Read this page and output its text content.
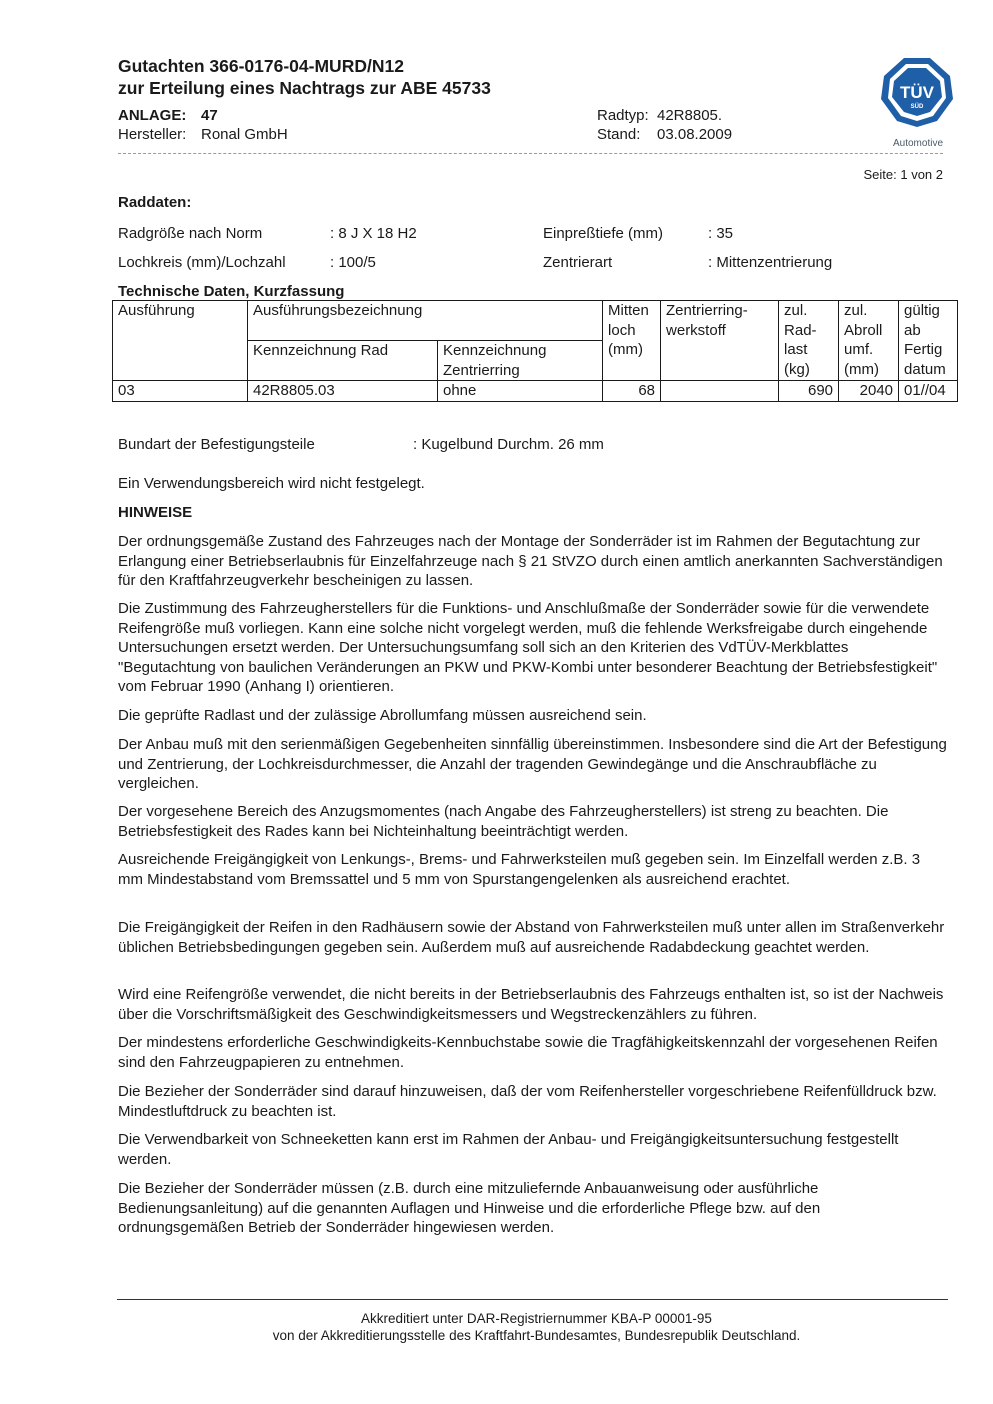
Gutachten 366-0176-04-MURD/N12
zur Erteilung eines Nachtrags zur ABE 45733
ANLAGE: 47
Hersteller: Ronal GmbH
Radtyp: 42R8805.
Stand: 03.08.2009
TÜV
SÜD
Automotive
Seite: 1 von 2
Raddaten:
Radgröße nach Norm	: 8 J X 18 H2	Einpreßtiefe (mm)	: 35
Lochkreis (mm)/Lochzahl	: 100/5	Zentrierart	: Mittenzentrierung
Technische Daten, Kurzfassung
Ausführung	Ausführungsbezeichnung		Mitten loch (mm)	Zentrierring- werkstoff	zul. Rad- last (kg)	zul. Abroll umf. (mm)	gültig ab Fertig datum
	Kennzeichnung Rad	Kennzeichnung Zentrierring					
03	42R8805.03	ohne	68		690	2040	01//04
Bundart der Befestigungsteile	: Kugelbund Durchm. 26 mm
Ein Verwendungsbereich wird nicht festgelegt.
HINWEISE

Der ordnungsgemäße Zustand des Fahrzeuges nach der Montage der Sonderräder ist im Rahmen der Begutachtung zur Erlangung einer Betriebserlaubnis für Einzelfahrzeuge nach § 21 StVZO durch einen amtlich anerkannten Sachverständigen für den Kraftfahrzeugverkehr bescheinigen zu lassen.

Die Zustimmung des Fahrzeugherstellers für die Funktions- und Anschlußmaße der Sonderräder sowie für die verwendete Reifengröße muß vorliegen. Kann eine solche nicht vorgelegt werden, muß die fehlende Werksfreigabe durch eingehende Untersuchungen ersetzt werden. Der Untersuchungsumfang soll sich an den Kriterien des VdTÜV-Merkblattes "Begutachtung von baulichen Veränderungen an PKW und PKW-Kombi unter besonderer Beachtung der Betriebsfestigkeit" vom Februar 1990 (Anhang I) orientieren.

Die geprüfte Radlast und der zulässige Abrollumfang müssen ausreichend sein.

Der Anbau muß mit den serienmäßigen Gegebenheiten sinnfällig übereinstimmen. Insbesondere sind die Art der Befestigung und Zentrierung, der Lochkreisdurchmesser, die Anzahl der tragenden Gewindegänge und die Anschraubfläche zu vergleichen.

Der vorgesehene Bereich des Anzugsmomentes (nach Angabe des Fahrzeugherstellers) ist streng zu beachten. Die Betriebsfestigkeit des Rades kann bei Nichteinhaltung beeinträchtigt werden.

Ausreichende Freigängigkeit von Lenkungs-, Brems- und Fahrwerksteilen muß gegeben sein. Im Einzelfall werden z.B. 3 mm Mindestabstand vom Bremssattel und 5 mm von Spurstangengelenken als ausreichend erachtet.

Die Freigängigkeit der Reifen in den Radhäusern sowie der Abstand von Fahrwerksteilen muß unter allen im Straßenverkehr üblichen Betriebsbedingungen gegeben sein. Außerdem muß auf ausreichende Radabdeckung geachtet werden.

Wird eine Reifengröße verwendet, die nicht bereits in der Betriebserlaubnis des Fahrzeugs enthalten ist, so ist der Nachweis über die Vorschriftsmäßigkeit des Geschwindigkeitsmessers und Wegstreckenzählers zu führen.

Der mindestens erforderliche Geschwindigkeits-Kennbuchstabe sowie die Tragfähigkeitskennzahl der vorgesehenen Reifen sind den Fahrzeugpapieren zu entnehmen.

Die Bezieher der Sonderräder sind darauf hinzuweisen, daß der vom Reifenhersteller vorgeschriebene Reifenfülldruck bzw. Mindestluftdruck zu beachten ist.

Die Verwendbarkeit von Schneeketten kann erst im Rahmen der Anbau- und Freigängigkeitsuntersuchung festgestellt werden.

Die Bezieher der Sonderräder müssen (z.B. durch eine mitzuliefernde Anbauanweisung oder ausführliche Bedienungsanleitung) auf die genannten Auflagen und Hinweise und die erforderliche Pflege bzw. auf den ordnungsgemäßen Betrieb der Sonderräder hingewiesen werden.

Akkreditiert unter DAR-Registriernummer KBA-P 00001-95
von der Akkreditierungsstelle des Kraftfahrt-Bundesamtes, Bundesrepublik Deutschland.
